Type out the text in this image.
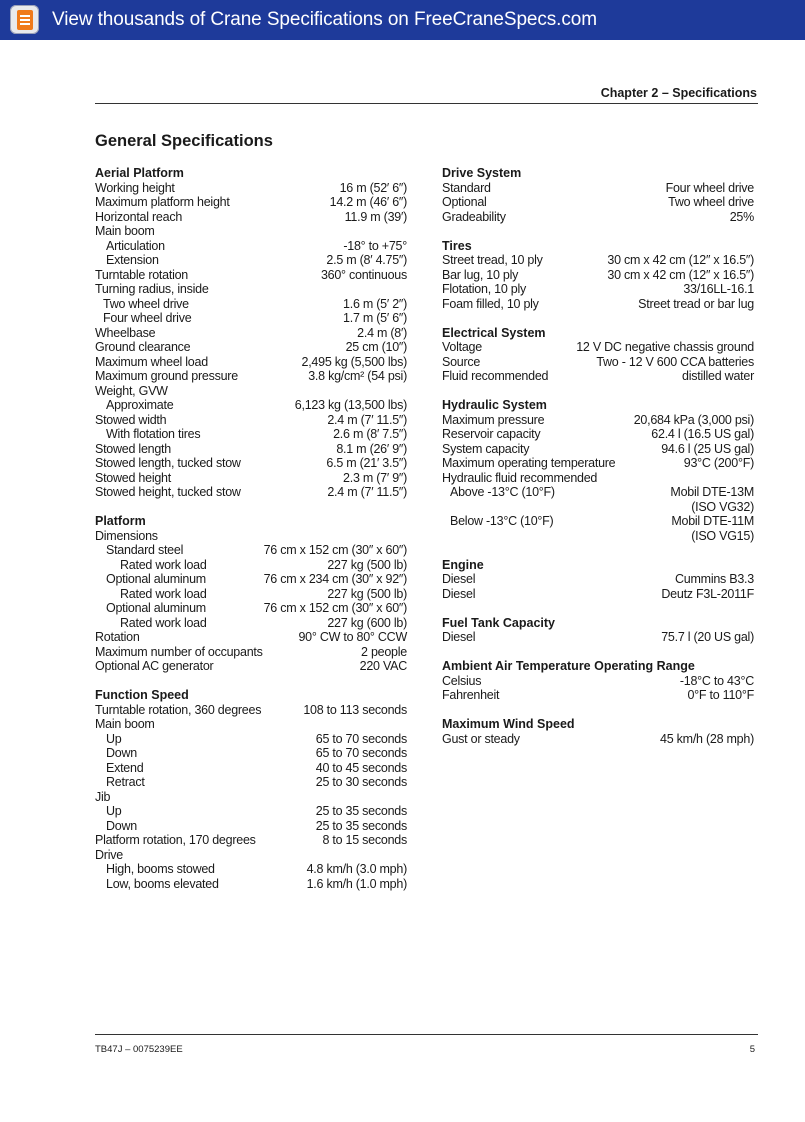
View thousands of Crane Specifications on FreeCraneSpecs.com
Chapter 2 – Specifications
General Specifications
Aerial Platform
Working height	16 m (52′ 6″)
Maximum platform height	14.2 m (46′ 6″)
Horizontal reach	11.9 m (39′)
Main boom
Articulation	-18° to +75°
Extension	2.5 m (8′ 4.75″)
Turntable rotation	360° continuous
Turning radius, inside
Two wheel drive	1.6 m (5′ 2″)
Four wheel drive	1.7 m (5′ 6″)
Wheelbase	2.4 m (8′)
Ground clearance	25 cm (10″)
Maximum wheel load	2,495 kg (5,500 lbs)
Maximum ground pressure	3.8 kg/cm² (54 psi)
Weight, GVW
Approximate	6,123 kg (13,500 lbs)
Stowed width	2.4 m (7′ 11.5″)
With flotation tires	2.6 m (8′ 7.5″)
Stowed length	8.1 m (26′ 9″)
Stowed length, tucked stow	6.5 m (21′ 3.5″)
Stowed height	2.3 m (7′ 9″)
Stowed height, tucked stow	2.4 m (7′ 11.5″)
Platform
Dimensions
Standard steel	76 cm x 152 cm (30″ x 60″)
Rated work load	227 kg (500 lb)
Optional aluminum	76 cm x 234 cm (30″ x 92″)
Rated work load	227 kg (500 lb)
Optional aluminum	76 cm x 152 cm (30″ x 60″)
Rated work load	227 kg (600 lb)
Rotation	90° CW to 80° CCW
Maximum number of occupants	2 people
Optional AC generator	220 VAC
Function Speed
Turntable rotation, 360 degrees	108 to 113 seconds
Main boom
Up	65 to 70 seconds
Down	65 to 70 seconds
Extend	40 to 45 seconds
Retract	25 to 30 seconds
Jib
Up	25 to 35 seconds
Down	25 to 35 seconds
Platform rotation, 170 degrees	8 to 15 seconds
Drive
High, booms stowed	4.8 km/h (3.0 mph)
Low, booms elevated	1.6 km/h (1.0 mph)
Drive System
Standard	Four wheel drive
Optional	Two wheel drive
Gradeability	25%
Tires
Street tread, 10 ply	30 cm x 42 cm (12″ x 16.5″)
Bar lug, 10 ply	30 cm x 42 cm (12″ x 16.5″)
Flotation, 10 ply	33/16LL-16.1
Foam filled, 10 ply	Street tread or bar lug
Electrical System
Voltage	12 V DC negative chassis ground
Source	Two - 12 V 600 CCA batteries
Fluid recommended	distilled water
Hydraulic System
Maximum pressure	20,684 kPa (3,000 psi)
Reservoir capacity	62.4 l (16.5 US gal)
System capacity	94.6 l (25 US gal)
Maximum operating temperature	93°C (200°F)
Hydraulic fluid recommended
Above -13°C (10°F)	Mobil DTE-13M
(ISO VG32)
Below -13°C (10°F)	Mobil DTE-11M
(ISO VG15)
Engine
Diesel	Cummins B3.3
Diesel	Deutz F3L-2011F
Fuel Tank Capacity
Diesel	75.7 l (20 US gal)
Ambient Air Temperature Operating Range
Celsius	-18°C to 43°C
Fahrenheit	0°F to 110°F
Maximum Wind Speed
Gust or steady	45 km/h (28 mph)
TB47J – 0075239EE	5
